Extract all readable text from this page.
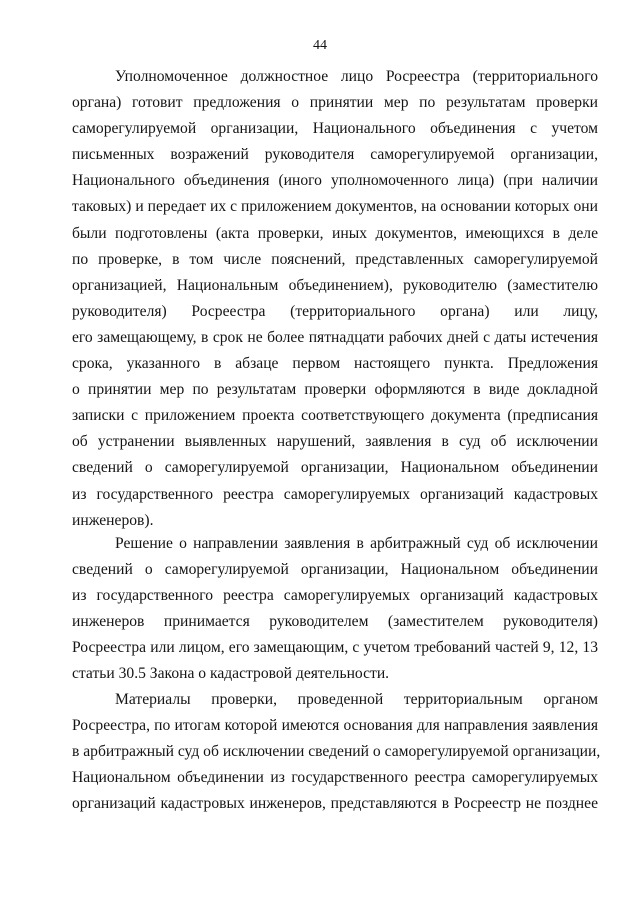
44
Уполномоченное должностное лицо Росреестра (территориального
органа) готовит предложения о принятии мер по результатам проверки
саморегулируемой организации, Национального объединения с учетом
письменных возражений руководителя саморегулируемой организации,
Национального объединения (иного уполномоченного лица) (при наличии
таковых) и передает их с приложением документов, на основании которых они
были подготовлены (акта проверки, иных документов, имеющихся в деле
по проверке, в том числе пояснений, представленных саморегулируемой
организацией, Национальным объединением), руководителю (заместителю
руководителя) Росреестра (территориального органа) или лицу,
его замещающему, в срок не более пятнадцати рабочих дней с даты истечения
срока, указанного в абзаце первом настоящего пункта. Предложения
о принятии мер по результатам проверки оформляются в виде докладной
записки с приложением проекта соответствующего документа (предписания
об устранении выявленных нарушений, заявления в суд об исключении
сведений о саморегулируемой организации, Национальном объединении
из государственного реестра саморегулируемых организаций кадастровых
инженеров).
Решение о направлении заявления в арбитражный суд об исключении
сведений о саморегулируемой организации, Национальном объединении
из государственного реестра саморегулируемых организаций кадастровых
инженеров принимается руководителем (заместителем руководителя)
Росреестра или лицом, его замещающим, с учетом требований частей 9, 12, 13
статьи 30.5 Закона о кадастровой деятельности.
Материалы проверки, проведенной территориальным органом
Росреестра, по итогам которой имеются основания для направления заявления
в арбитражный суд об исключении сведений о саморегулируемой организации,
Национальном объединении из государственного реестра саморегулируемых
организаций кадастровых инженеров, представляются в Росреестр не позднее
